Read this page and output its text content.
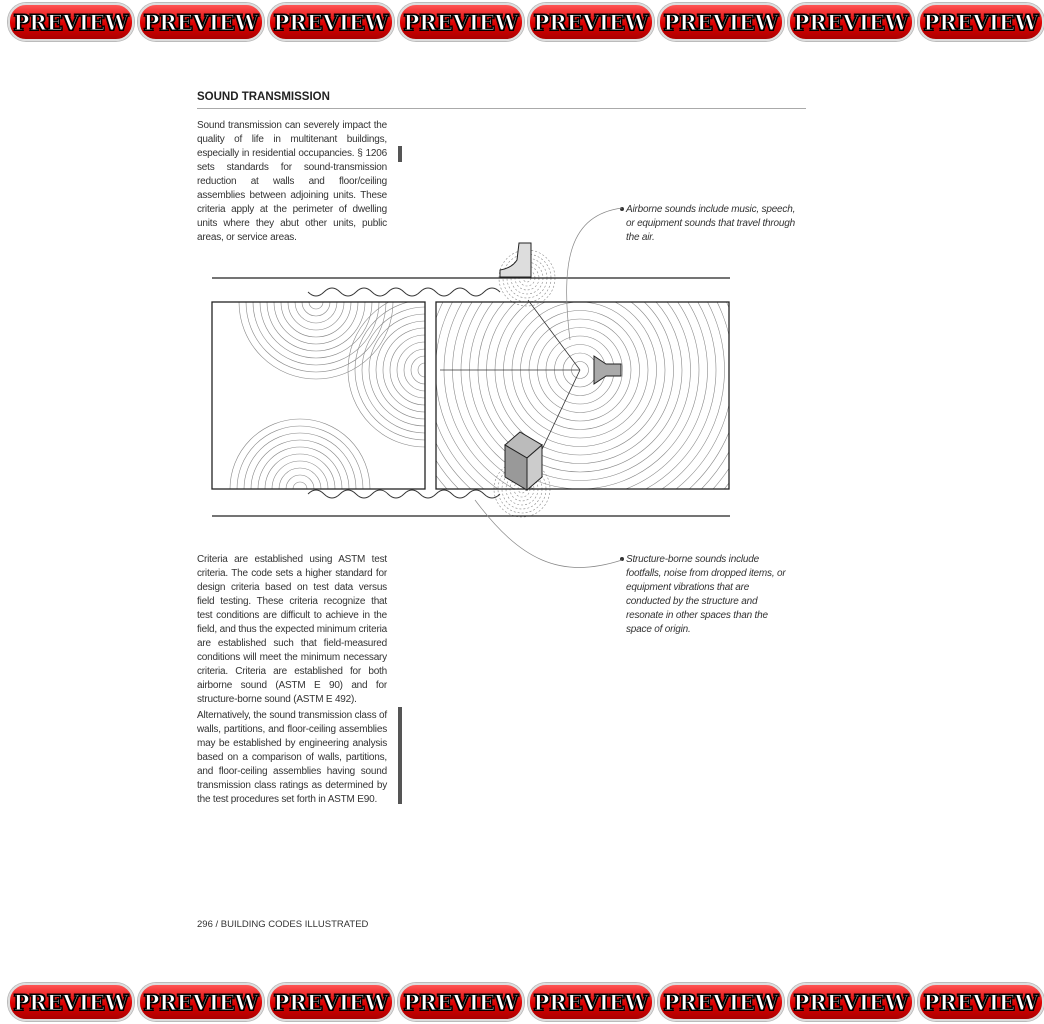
PREVIEW PREVIEW PREVIEW PREVIEW PREVIEW PREVIEW PREVIEW PREVIEW
PREVIEW PREVIEW PREVIEW PREVIEW PREVIEW PREVIEW PREVIEW PREVIEW
SOUND TRANSMISSION
Sound transmission can severely impact the quality of life in multitenant buildings, especially in residential occupancies. § 1206 sets standards for sound-transmission reduction at walls and floor/ceiling assemblies between adjoining units. These criteria apply at the perimeter of dwelling units where they abut other units, public areas, or service areas.
Criteria are established using ASTM test criteria. The code sets a higher standard for design criteria based on test data versus field testing. These criteria recognize that test conditions are difficult to achieve in the field, and thus the expected minimum criteria are established such that field-measured conditions will meet the minimum necessary criteria. Criteria are established for both airborne sound (ASTM E 90) and for structure-borne sound (ASTM E 492).
Alternatively, the sound transmission class of walls, partitions, and floor-ceiling assemblies may be established by engineering analysis based on a comparison of walls, partitions, and floor-ceiling assemblies having sound transmission class ratings as determined by the test procedures set forth in ASTM E90.
Airborne sounds include music, speech, or equipment sounds that travel through the air.
Structure-borne sounds include footfalls, noise from dropped items, or equipment vibrations that are conducted by the structure and resonate in other spaces than the space of origin.
296 / BUILDING CODES ILLUSTRATED
